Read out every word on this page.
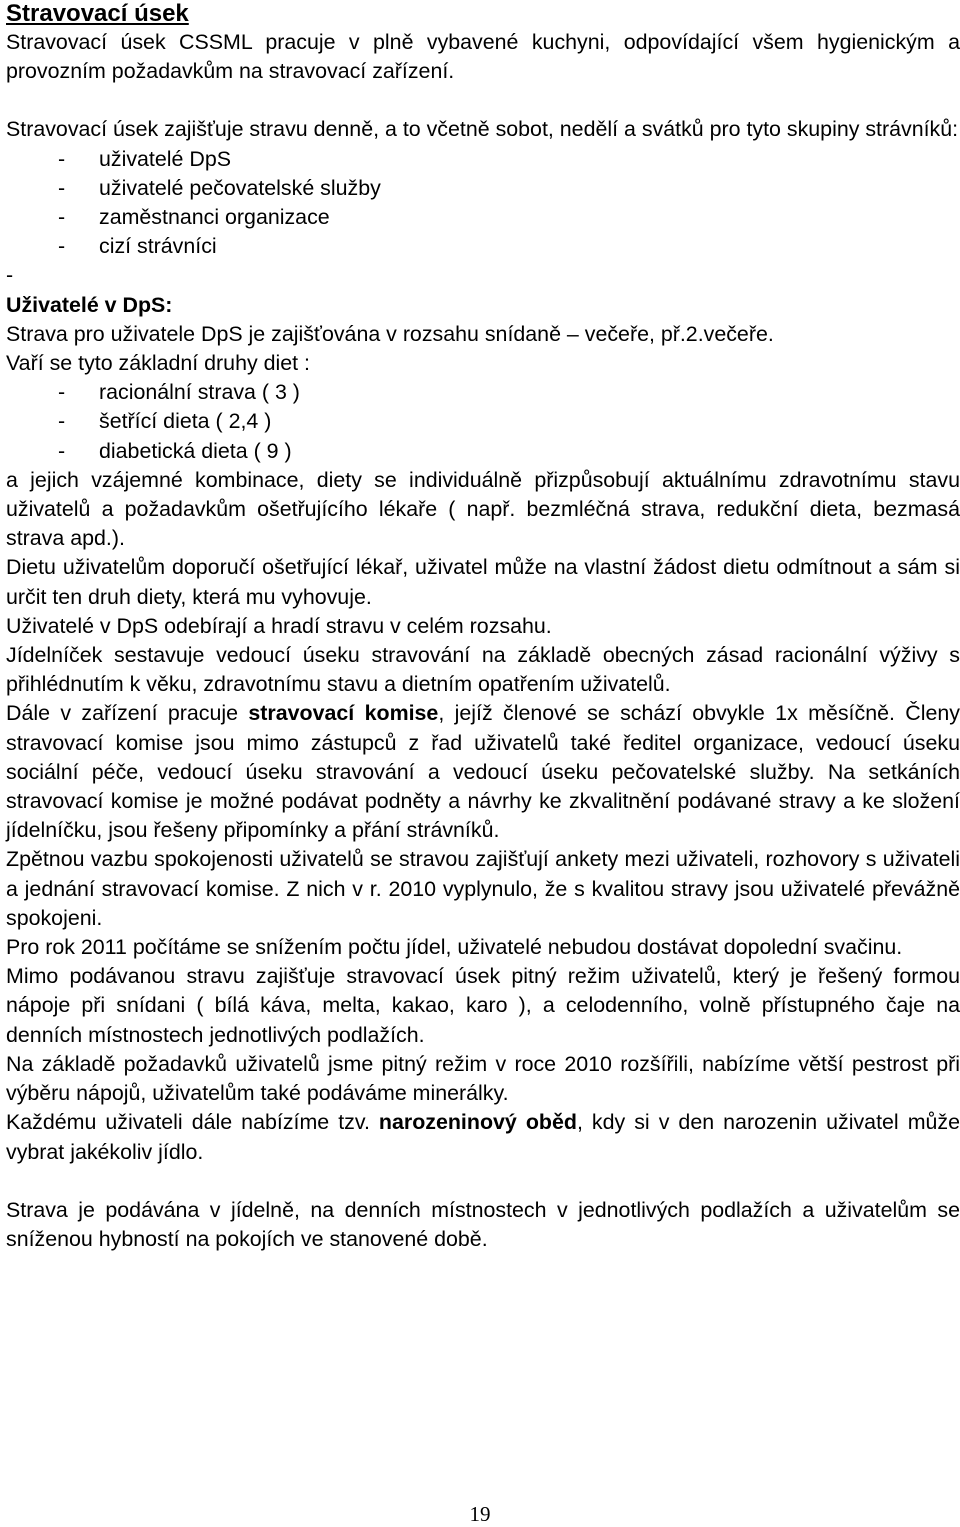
Stravovací úsek

Stravovací úsek CSSML pracuje v plně vybavené kuchyni, odpovídající všem hygienickým a provozním požadavkům na stravovací zařízení.

Stravovací úsek zajišťuje stravu denně, a to včetně sobot, nedělí a svátků pro tyto skupiny strávníků:

- uživatelé DpS
- uživatelé pečovatelské služby
- zaměstnanci organizace
- cizí strávníci
-

Uživatelé v DpS:

Strava pro uživatele DpS je zajišťována v rozsahu snídaně – večeře, př.2.večeře.

Vaří se tyto základní druhy diet :

- racionální strava ( 3 )
- šetřící dieta ( 2,4 )
- diabetická dieta ( 9 )

a jejich vzájemné kombinace, diety se individuálně přizpůsobují aktuálnímu zdravotnímu stavu uživatelů a požadavkům ošetřujícího lékaře ( např. bezmléčná strava, redukční dieta, bezmasá strava apd.).

Dietu uživatelům doporučí ošetřující lékař, uživatel může na vlastní žádost dietu odmítnout a sám si určit ten druh diety, která mu vyhovuje.

Uživatelé v DpS odebírají a hradí stravu v celém rozsahu.

Jídelníček sestavuje vedoucí úseku stravování na základě obecných zásad racionální výživy s přihlédnutím k věku, zdravotnímu stavu a dietním opatřením uživatelů.

Dále v zařízení pracuje stravovací komise, jejíž členové se schází obvykle 1x měsíčně. Členy stravovací komise jsou mimo zástupců z řad uživatelů také ředitel organizace, vedoucí úseku sociální péče, vedoucí úseku stravování a vedoucí úseku pečovatelské služby. Na setkáních stravovací komise je možné podávat podněty a návrhy ke zkvalitnění podávané stravy a ke složení jídelníčku, jsou řešeny připomínky a přání strávníků.

Zpětnou vazbu spokojenosti uživatelů se stravou zajišťují ankety mezi uživateli, rozhovory s uživateli a jednání stravovací komise. Z nich v r. 2010 vyplynulo, že s kvalitou stravy jsou uživatelé převážně spokojeni.

Pro rok 2011 počítáme se snížením počtu jídel, uživatelé nebudou dostávat dopolední svačinu.

Mimo podávanou stravu zajišťuje stravovací úsek pitný režim uživatelů, který je řešený formou nápoje při snídani ( bílá káva, melta, kakao, karo ), a celodenního, volně přístupného čaje na denních místnostech jednotlivých podlažích.

Na základě požadavků uživatelů jsme pitný režim v roce 2010 rozšířili, nabízíme větší pestrost při výběru nápojů, uživatelům také podáváme minerálky.

Každému uživateli dále nabízíme tzv. narozeninový oběd, kdy si v den narozenin uživatel může vybrat jakékoliv jídlo.

Strava je podávána v jídelně, na denních místnostech v jednotlivých podlažích a uživatelům se sníženou hybností na pokojích ve stanovené době.

19
